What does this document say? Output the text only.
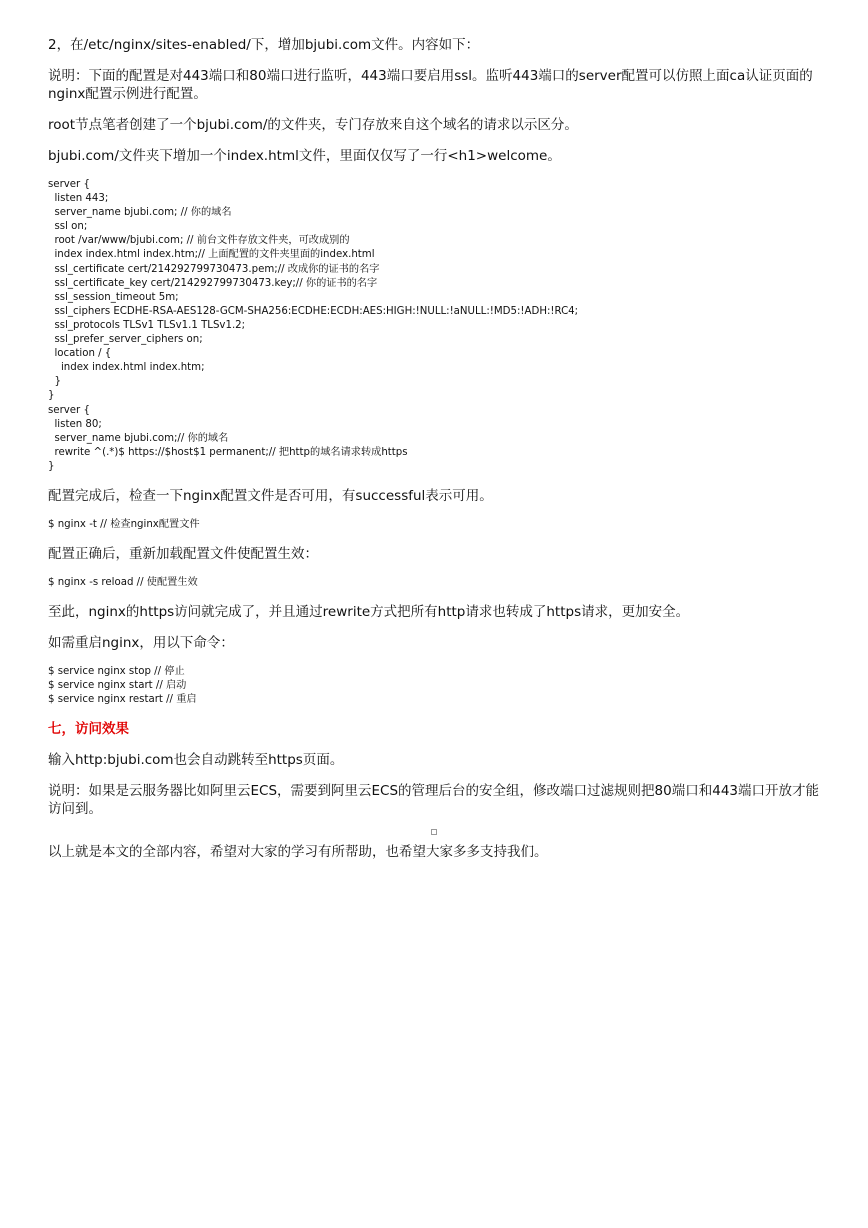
2，在/etc/nginx/sites-enabled/下，增加bjubi.com文件。内容如下：

说明：下面的配置是对443端口和80端口进行监听，443端口要启用ssl。监听443端口的server配置可以仿照上面ca认证页面的nginx配置示例进行配置。

root节点笔者创建了一个bjubi.com/的文件夹，专门存放来自这个域名的请求以示区分。

bjubi.com/文件夹下增加一个index.html文件，里面仅仅写了一行<h1>welcome。

server {
listen 443;
server_name bjubi.com; // 你的域名
ssl on;
root /var/www/bjubi.com; // 前台文件存放文件夹，可改成别的
index index.html index.htm;// 上面配置的文件夹里面的index.html
ssl_certificate cert/214292799730473.pem;// 改成你的证书的名字
ssl_certificate_key cert/214292799730473.key;// 你的证书的名字
ssl_session_timeout 5m;
ssl_ciphers ECDHE-RSA-AES128-GCM-SHA256:ECDHE:ECDH:AES:HIGH:!NULL:!aNULL:!MD5:!ADH:!RC4;
ssl_protocols TLSv1 TLSv1.1 TLSv1.2;
ssl_prefer_server_ciphers on;
location / {
index index.html index.htm;
}
}
server {
listen 80;
server_name bjubi.com;// 你的域名
rewrite ^(.*)$ https://$host$1 permanent;// 把http的域名请求转成https
}

配置完成后，检查一下nginx配置文件是否可用，有successful表示可用。

$ nginx -t // 检查nginx配置文件

配置正确后，重新加载配置文件使配置生效：

$ nginx -s reload // 使配置生效

至此，nginx的https访问就完成了，并且通过rewrite方式把所有http请求也转成了https请求，更加安全。

如需重启nginx，用以下命令：

$ service nginx stop // 停止
$ service nginx start // 启动
$ service nginx restart // 重启

七，访问效果

输入http:bjubi.com也会自动跳转至https页面。

说明：如果是云服务器比如阿里云ECS，需要到阿里云ECS的管理后台的安全组，修改端口过滤规则把80端口和443端口开放才能访问到。

以上就是本文的全部内容，希望对大家的学习有所帮助，也希望大家多多支持我们。
